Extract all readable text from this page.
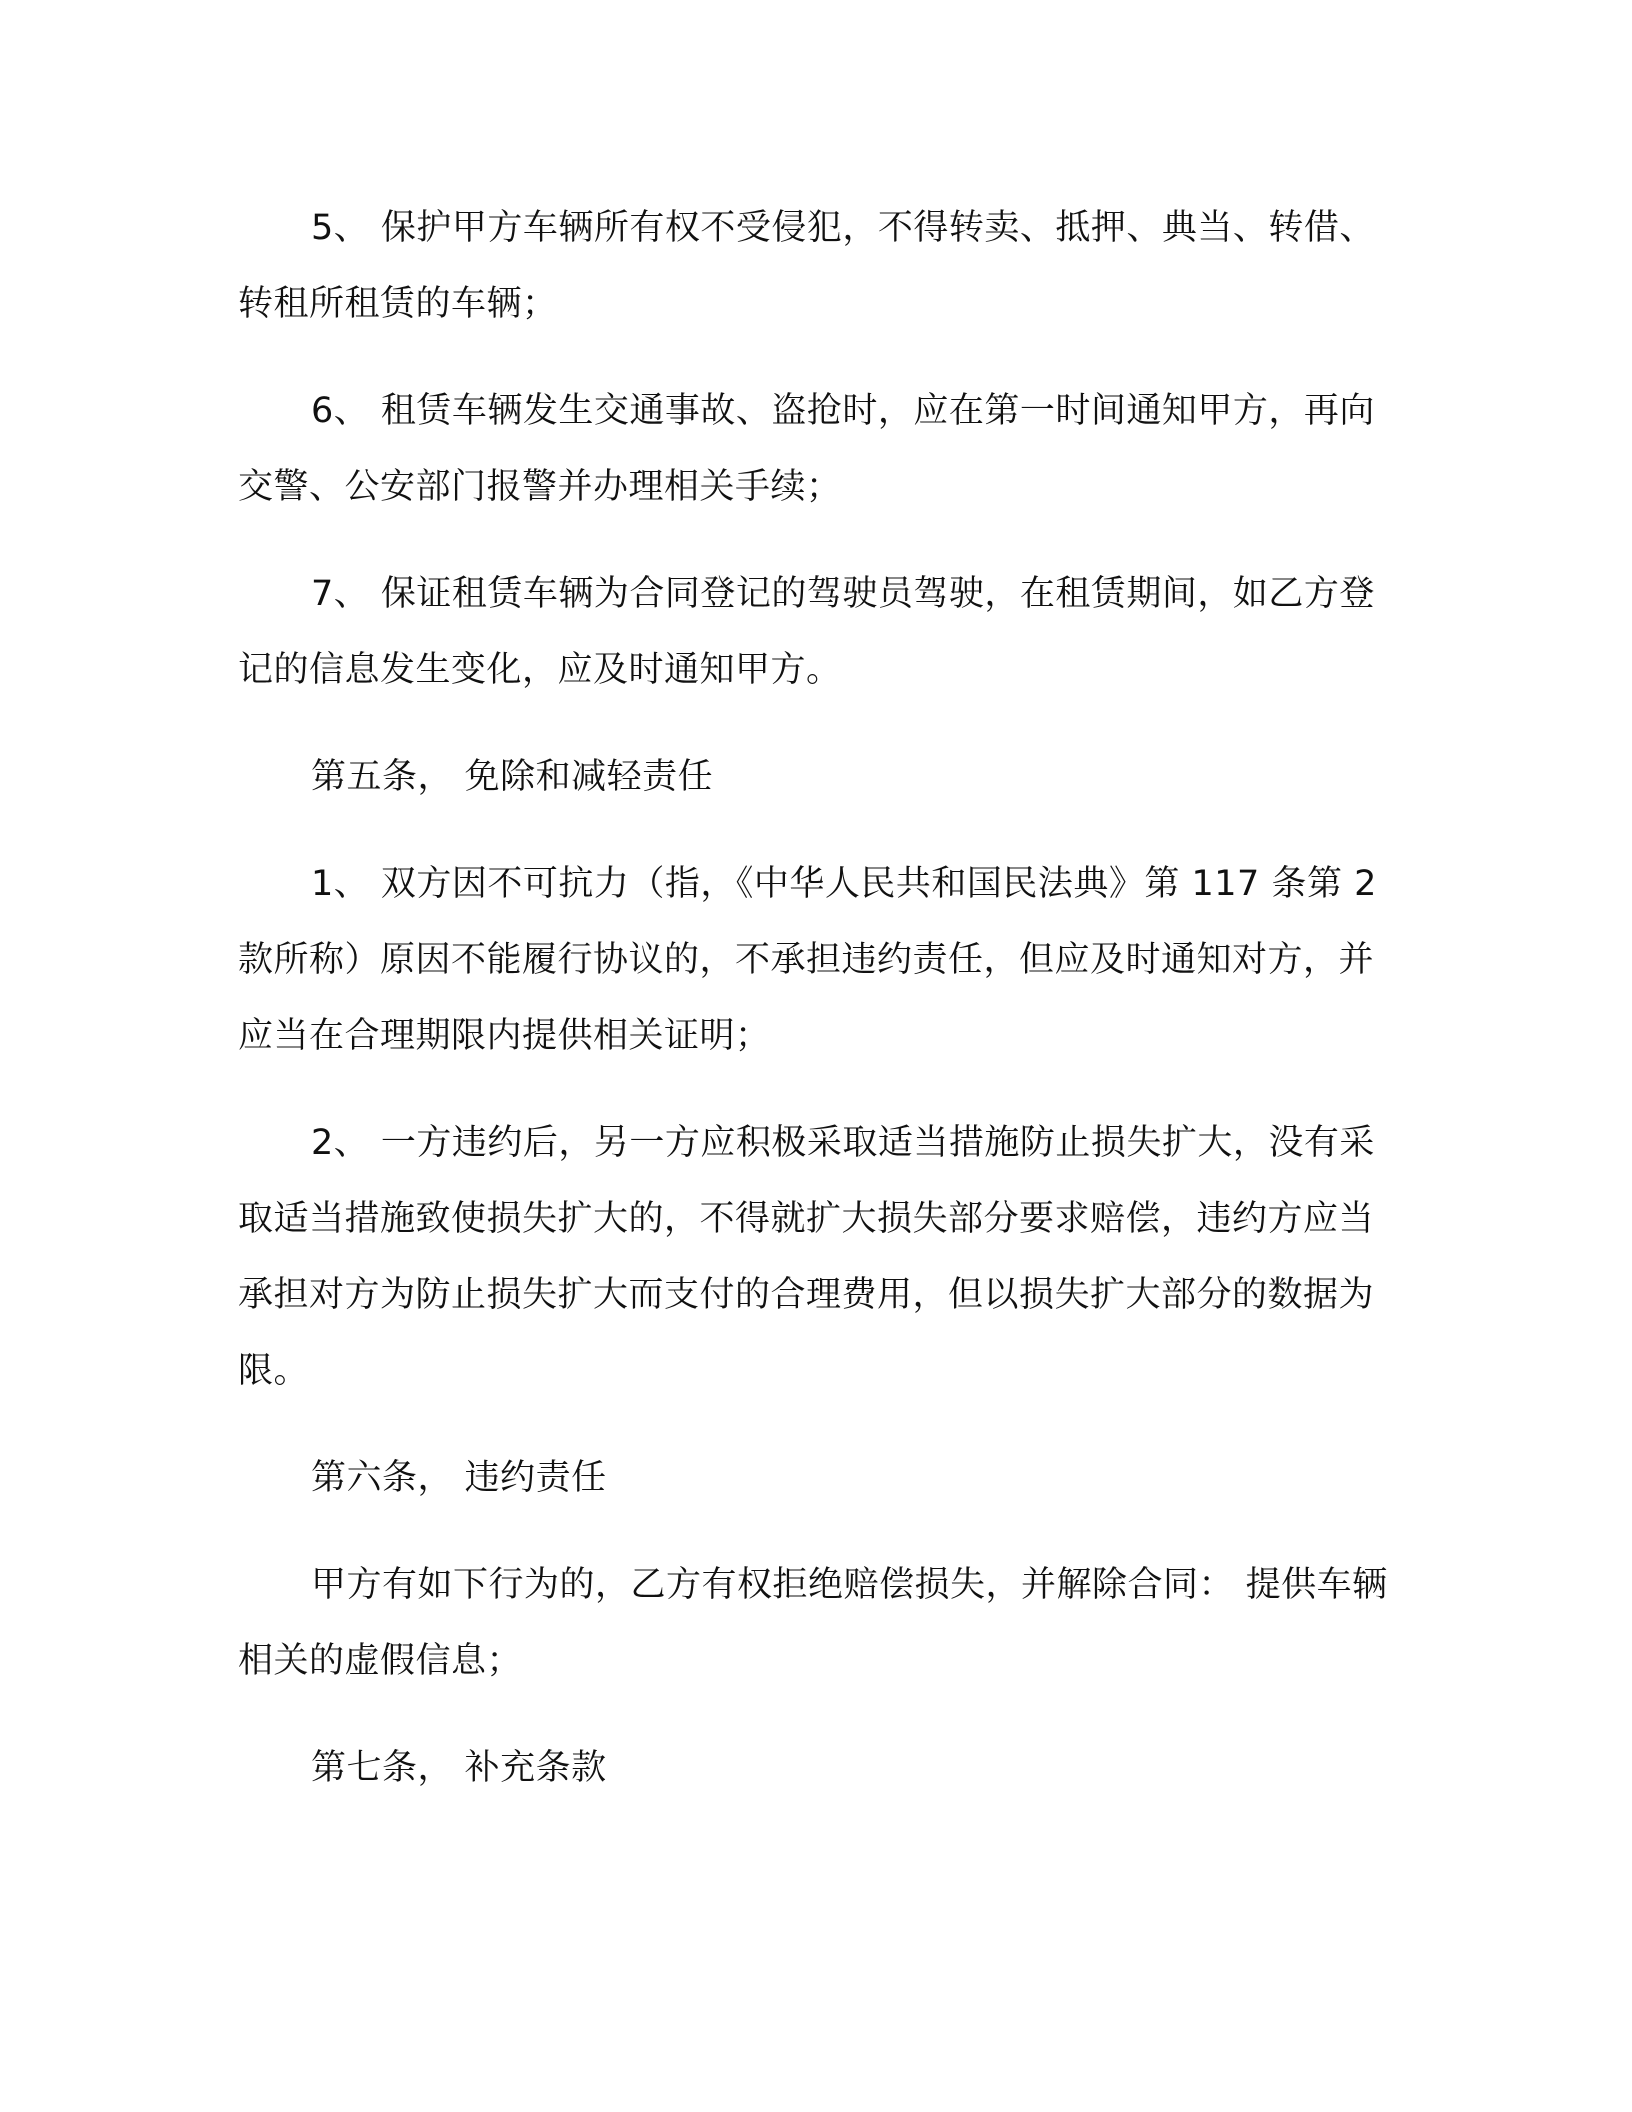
5、 保护甲方车辆所有权不受侵犯，不得转卖、抵押、典当、转借、转租所租赁的车辆；

6、 租赁车辆发生交通事故、盗抢时，应在第一时间通知甲方，再向交警、公安部门报警并办理相关手续；

7、 保证租赁车辆为合同登记的驾驶员驾驶，在租赁期间，如乙方登记的信息发生变化，应及时通知甲方。

第五条， 免除和减轻责任

1、 双方因不可抗力（指，《中华人民共和国民法典》第 117 条第 2 款所称）原因不能履行协议的，不承担违约责任，但应及时通知对方，并应当在合理期限内提供相关证明；

2、 一方违约后，另一方应积极采取适当措施防止损失扩大，没有采取适当措施致使损失扩大的，不得就扩大损失部分要求赔偿，违约方应当承担对方为防止损失扩大而支付的合理费用，但以损失扩大部分的数据为限。

第六条， 违约责任

甲方有如下行为的，乙方有权拒绝赔偿损失，并解除合同： 提供车辆相关的虚假信息；

第七条， 补充条款
